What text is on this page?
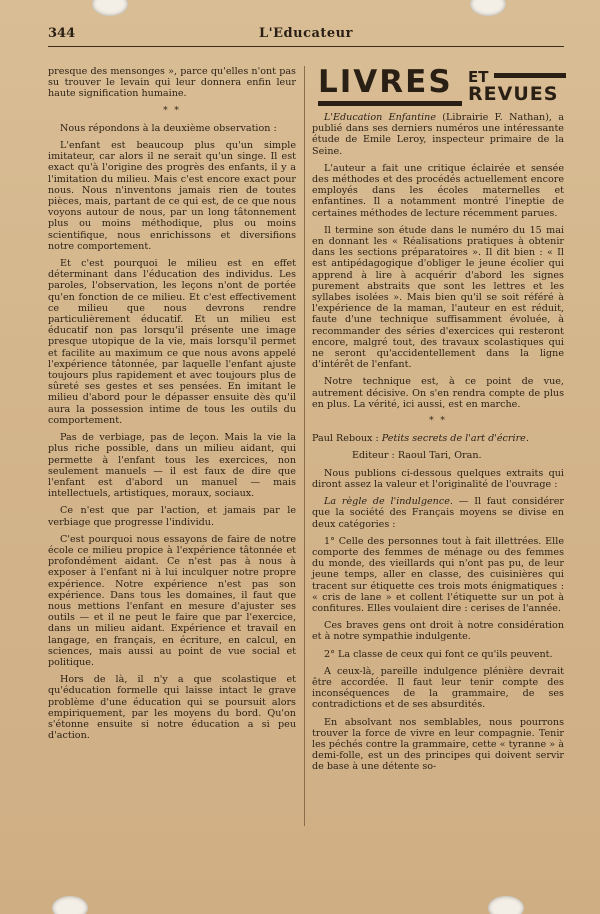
344	L'Educateur

presque des mensonges », parce qu'elles n'ont pas su trouver le levain qui leur donnera enfin leur haute signification humaine.

* *

Nous répondons à la deuxième observation :

L'enfant est beaucoup plus qu'un simple imitateur, car alors il ne serait qu'un singe. Il est exact qu'à l'origine des progrès des enfants, il y a l'imitation du milieu. Mais c'est encore exact pour nous. Nous n'inventons jamais rien de toutes pièces, mais, partant de ce qui est, de ce que nous voyons autour de nous, par un long tâtonnement plus ou moins méthodique, plus ou moins scientifique, nous enrichissons et diversifions notre comportement.

Et c'est pourquoi le milieu est en effet déterminant dans l'éducation des individus. Les paroles, l'observation, les leçons n'ont de portée qu'en fonction de ce milieu. Et c'est effectivement ce milieu que nous devrons rendre particulièrement éducatif. Et un milieu est éducatif non pas lorsqu'il présente une image presque utopique de la vie, mais lorsqu'il permet et facilite au maximum ce que nous avons appelé l'expérience tâtonnée, par laquelle l'enfant ajuste toujours plus rapidement et avec toujours plus de sûreté ses gestes et ses pensées. En imitant le milieu d'abord pour le dépasser ensuite dès qu'il aura la possession intime de tous les outils du comportement.

Pas de verbiage, pas de leçon. Mais la vie la plus riche possible, dans un milieu aidant, qui permette à l'enfant tous les exercices, non seulement manuels — il est faux de dire que l'enfant est d'abord un manuel — mais intellectuels, artistiques, moraux, sociaux.

Ce n'est que par l'action, et jamais par le verbiage que progresse l'individu.

C'est pourquoi nous essayons de faire de notre école ce milieu propice à l'expérience tâtonnée et profondément aidant. Ce n'est pas à nous à exposer à l'enfant ni à lui inculquer notre propre expérience. Notre expérience n'est pas son expérience. Dans tous les domaines, il faut que nous mettions l'enfant en mesure d'ajuster ses outils — et il ne peut le faire que par l'exercice, dans un milieu aidant. Expérience et travail en langage, en français, en écriture, en calcul, en sciences, mais aussi au point de vue social et politique.

Hors de là, il n'y a que scolastique et qu'éducation formelle qui laisse intact le grave problème d'une éducation qui se poursuit alors empiriquement, par les moyens du bord. Qu'on s'étonne ensuite si notre éducation a si peu d'action.

LIVRES ET
REVUES

L'Education Enfantine (Librairie F. Nathan), a publié dans ses derniers numéros une intéressante étude de Emile Leroy, inspecteur primaire de la Seine.

L'auteur a fait une critique éclairée et sensée des méthodes et des procédés actuellement encore employés dans les écoles maternelles et enfantines. Il a notamment montré l'ineptie de certaines méthodes de lecture récemment parues.

Il termine son étude dans le numéro du 15 mai en donnant les « Réalisations pratiques à obtenir dans les sections préparatoires ». Il dit bien : « Il est antipédagogique d'obliger le jeune écolier qui apprend à lire à acquérir d'abord les signes purement abstraits que sont les lettres et les syllabes isolées ». Mais bien qu'il se soit référé à l'expérience de la maman, l'auteur en est réduit, faute d'une technique suffisamment évoluée, à recommander des séries d'exercices qui resteront encore, malgré tout, des travaux scolastiques qui ne seront qu'accidentellement dans la ligne d'intérêt de l'enfant.

Notre technique est, à ce point de vue, autrement décisive. On s'en rendra compte de plus en plus. La vérité, ici aussi, est en marche.

* *

Paul Reboux : Petits secrets de l'art d'écrire.

Editeur : Raoul Tari, Oran.

Nous publions ci-dessous quelques extraits qui diront assez la valeur et l'originalité de l'ouvrage :

La règle de l'indulgence. — Il faut considérer que la société des Français moyens se divise en deux catégories :

1° Celle des personnes tout à fait illettrées. Elle comporte des femmes de ménage ou des femmes du monde, des vieillards qui n'ont pas pu, de leur jeune temps, aller en classe, des cuisinières qui tracent sur étiquette ces trois mots énigmatiques : « cris de lane » et collent l'étiquette sur un pot à confitures. Elles voulaient dire : cerises de l'année.

Ces braves gens ont droit à notre considération et à notre sympathie indulgente.

2° La classe de ceux qui font ce qu'ils peuvent.

A ceux-là, pareille indulgence plénière devrait être accordée. Il faut leur tenir compte des inconséquences de la grammaire, de ses contradictions et de ses absurdités.

En absolvant nos semblables, nous pourrons trouver la force de vivre en leur compagnie. Tenir les péchés contre la grammaire, cette « tyranne » à demi-folle, est un des principes qui doivent servir de base à une détente so-
